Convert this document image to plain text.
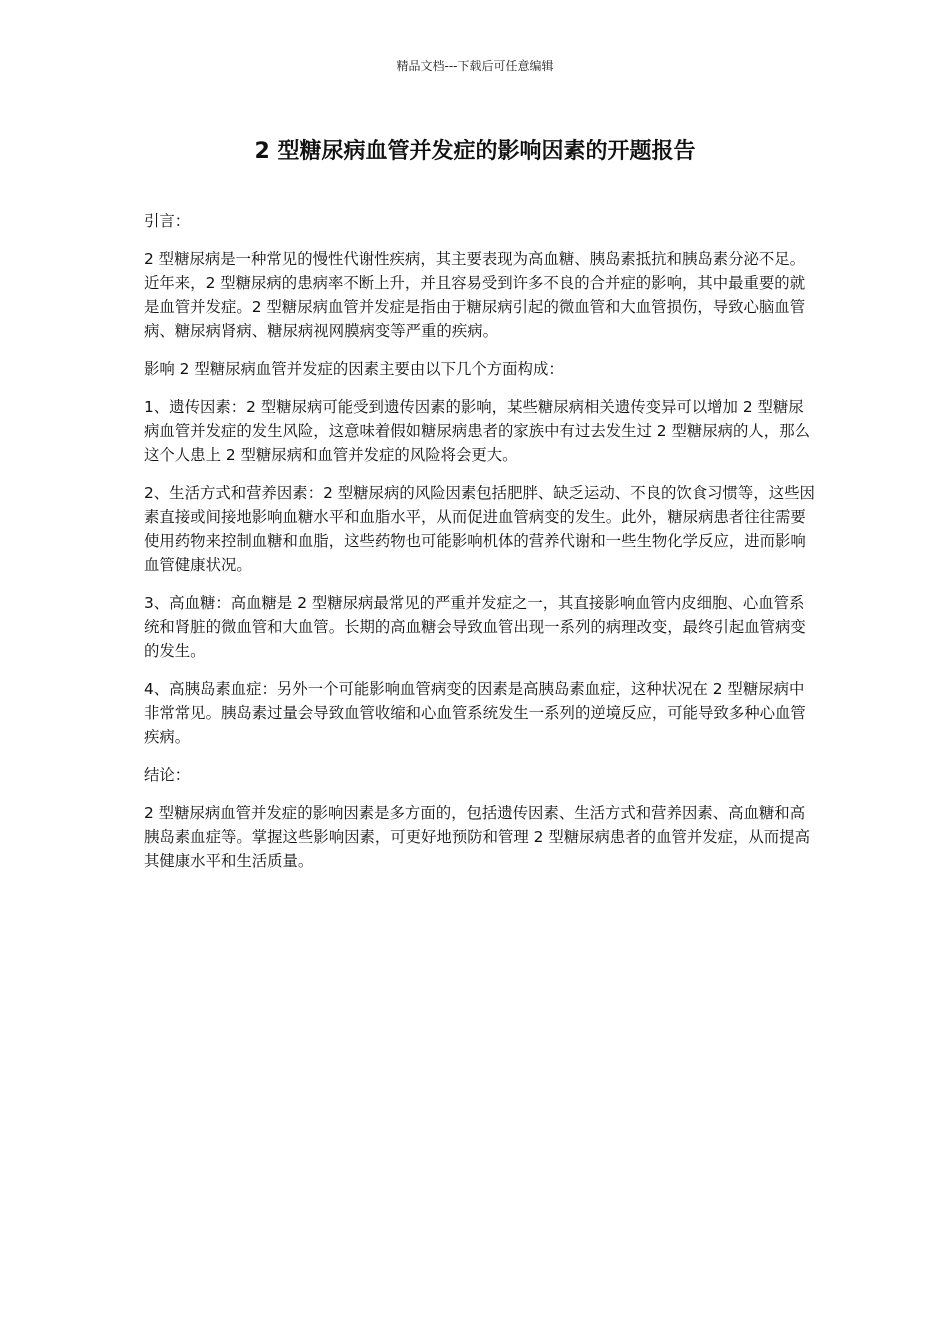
精品文档---下载后可任意编辑
2 型糖尿病血管并发症的影响因素的开题报告

引言：

2 型糖尿病是一种常见的慢性代谢性疾病，其主要表现为高血糖、胰岛素抵抗和胰岛素分泌不足。近年来，2 型糖尿病的患病率不断上升，并且容易受到许多不良的合并症的影响，其中最重要的就是血管并发症。2 型糖尿病血管并发症是指由于糖尿病引起的微血管和大血管损伤，导致心脑血管病、糖尿病肾病、糖尿病视网膜病变等严重的疾病。

影响 2 型糖尿病血管并发症的因素主要由以下几个方面构成：

1、遗传因素：2 型糖尿病可能受到遗传因素的影响，某些糖尿病相关遗传变异可以增加 2 型糖尿病血管并发症的发生风险，这意味着假如糖尿病患者的家族中有过去发生过 2 型糖尿病的人，那么这个人患上 2 型糖尿病和血管并发症的风险将会更大。

2、生活方式和营养因素：2 型糖尿病的风险因素包括肥胖、缺乏运动、不良的饮食习惯等，这些因素直接或间接地影响血糖水平和血脂水平，从而促进血管病变的发生。此外，糖尿病患者往往需要使用药物来控制血糖和血脂，这些药物也可能影响机体的营养代谢和一些生物化学反应，进而影响血管健康状况。

3、高血糖：高血糖是 2 型糖尿病最常见的严重并发症之一，其直接影响血管内皮细胞、心血管系统和肾脏的微血管和大血管。长期的高血糖会导致血管出现一系列的病理改变，最终引起血管病变的发生。

4、高胰岛素血症：另外一个可能影响血管病变的因素是高胰岛素血症，这种状况在 2 型糖尿病中非常常见。胰岛素过量会导致血管收缩和心血管系统发生一系列的逆境反应，可能导致多种心血管疾病。

结论：

2 型糖尿病血管并发症的影响因素是多方面的，包括遗传因素、生活方式和营养因素、高血糖和高胰岛素血症等。掌握这些影响因素，可更好地预防和管理 2 型糖尿病患者的血管并发症，从而提高其健康水平和生活质量。
